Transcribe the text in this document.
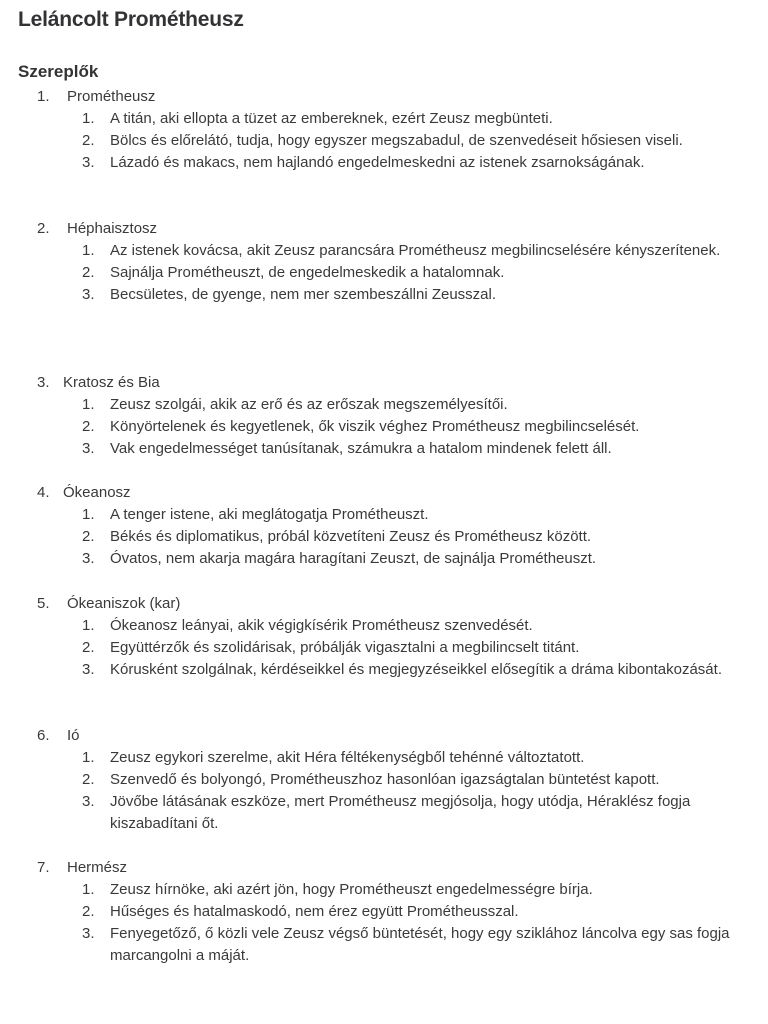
Leláncolt Prométheusz
Szereplők
1. Prométheusz
1. A titán, aki ellopta a tüzet az embereknek, ezért Zeusz megbünteti.
2. Bölcs és előrelátó, tudja, hogy egyszer megszabadul, de szenvedéseit hősiesen viseli.
3. Lázadó és makacs, nem hajlandó engedelmeskedni az istenek zsarnokságának.
2. Héphaisztosz
1. Az istenek kovácsa, akit Zeusz parancsára Prométheusz megbilincselésére kényszerítenek.
2. Sajnálja Prométheuszt, de engedelmeskedik a hatalomnak.
3. Becsületes, de gyenge, nem mer szembeszállni Zeusszal.
3. Kratosz és Bia
1. Zeusz szolgái, akik az erő és az erőszak megszemélyesítői.
2. Könyörtelenek és kegyetlenek, ők viszik véghez Prométheusz megbilincselését.
3. Vak engedelmességet tanúsítanak, számukra a hatalom mindenek felett áll.
4. Ókeanosz
1. A tenger istene, aki meglátogatja Prométheuszt.
2. Békés és diplomatikus, próbál közvetíteni Zeusz és Prométheusz között.
3. Óvatos, nem akarja magára haragítani Zeuszt, de sajnálja Prométheuszt.
5. Ókeaniszok (kar)
1. Ókeanosz leányai, akik végigkísérik Prométheusz szenvedését.
2. Együttérzők és szolidárisak, próbálják vigasztalni a megbilincselt titánt.
3. Kórusként szolgálnak, kérdéseikkel és megjegyzéseikkel elősegítik a dráma kibontakozását.
6. Ió
1. Zeusz egykori szerelme, akit Héra féltékenységből tehénné változtatott.
2. Szenvedő és bolyongó, Prométheuszhoz hasonlóan igazságtalan büntetést kapott.
3. Jövőbe látásának eszköze, mert Prométheusz megjósolja, hogy utódja, Héraklész fogja kiszabadítani őt.
7. Hermész
1. Zeusz hírnöke, aki azért jön, hogy Prométheuszt engedelmességre bírja.
2. Hűséges és hatalmaskodó, nem érez együtt Prométheusszal.
3. Fenyegetőző, ő közli vele Zeusz végső büntetését, hogy egy sziklához láncolva egy sas fogja marcangolni a máját.
